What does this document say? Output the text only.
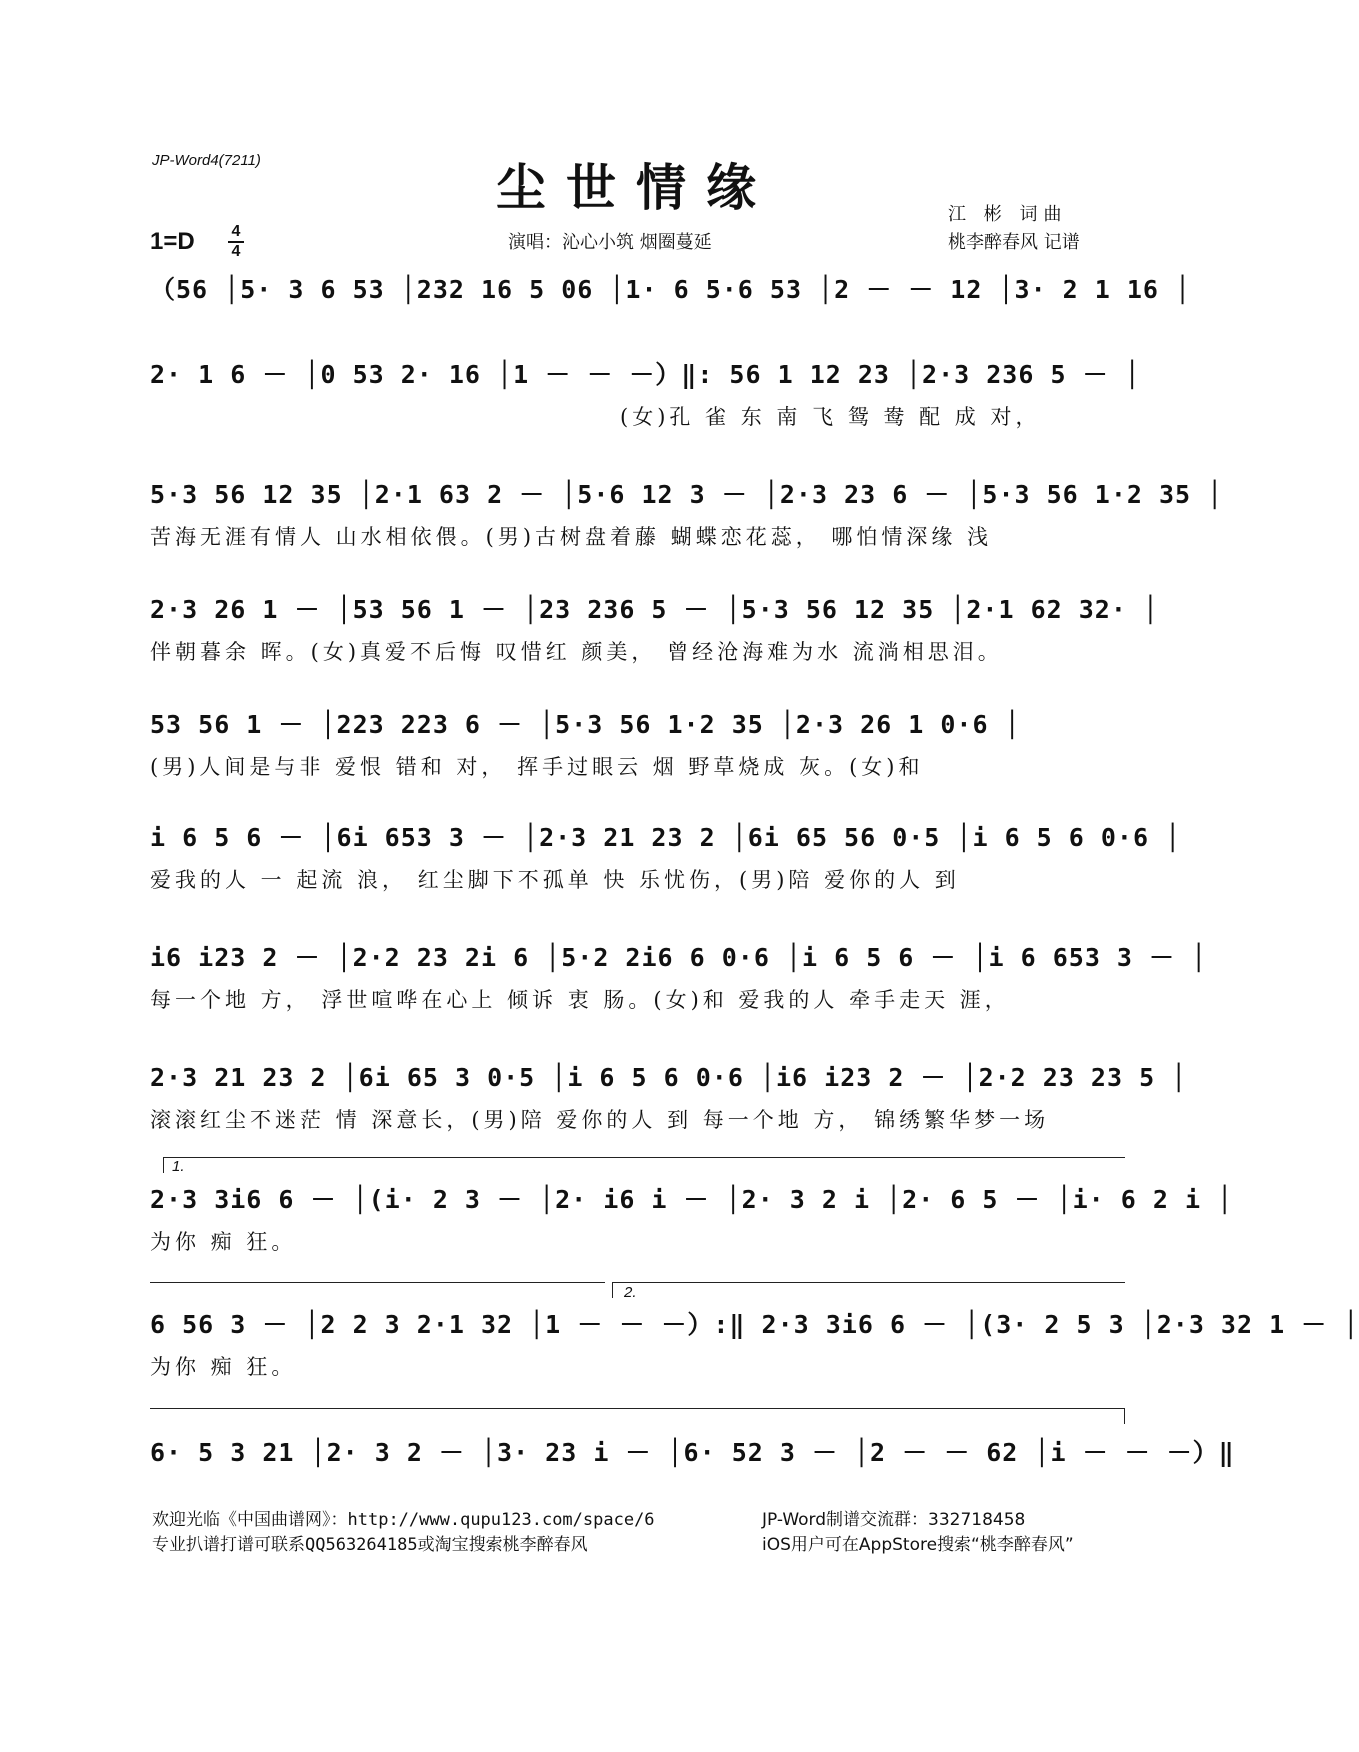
JP-Word4(7211)	尘世情缘
1=D 4
4	演唱：沁心小筑 烟圈蔓延
江 彬 词曲
桃李醉春风 记谱
（56 │5· 3 6 53 │232 16 5 06 │1· 6 5·6 53 │2 － － 12 │3· 2 1 16 │
2· 1 6 － │0 53 2· 16 │1 － － －）‖: 56 1 12 23 │2·3 236 5 － │
(女)孔 雀 东 南 飞 鸳 鸯 配 成 对，
5·3 56 12 35 │2·1 63 2 － │5·6 12 3 － │2·3 23 6 － │5·3 56 1·2 35 │
苦海无涯有情人 山水相依偎。(男)古树盘着藤 蝴蝶恋花蕊， 哪怕情深缘 浅
2·3 26 1 － │53 56 1 － │23 236 5 － │5·3 56 12 35 │2·1 62 32· │
伴朝暮余 晖。(女)真爱不后悔 叹惜红 颜美， 曾经沧海难为水 流淌相思泪。
53 56 1 － │223 223 6 － │5·3 56 1·2 35 │2·3 26 1 0·6 │
(男)人间是与非 爱恨 错和 对， 挥手过眼云 烟 野草烧成 灰。(女)和
i 6 5 6 － │6i 653 3 － │2·3 21 23 2 │6i 65 56 0·5 │i 6 5 6 0·6 │
爱我的人 一 起流 浪， 红尘脚下不孤单 快 乐忧伤，(男)陪 爱你的人 到
i6 i23 2 － │2·2 23 2i 6 │5·2 2i6 6 0·6 │i 6 5 6 － │i 6 653 3 － │
每一个地 方， 浮世喧哗在心上 倾诉 衷 肠。(女)和 爱我的人 牵手走天 涯，
2·3 21 23 2 │6i 65 3 0·5 │i 6 5 6 0·6 │i6 i23 2 － │2·2 23 23 5 │
滚滚红尘不迷茫 情 深意长，(男)陪 爱你的人 到 每一个地 方， 锦绣繁华梦一场
1.
2·3 3i6 6 － │(i· 2 3 － │2· i6 i － │2· 3 2 i │2· 6 5 － │i· 6 2 i │
为你 痴 狂。
2.
6 56 3 － │2 2 3 2·1 32 │1 － － －）:‖ 2·3 3i6 6 － │(3· 2 5 3 │2·3 32 1 － │
为你 痴 狂。
6· 5 3 21 │2· 3 2 － │3· 23 i － │6· 52 3 － │2 － － 62 │i － － －）‖
欢迎光临《中国曲谱网》：http://www.qupu123.com/space/6
专业扒谱打谱可联系QQ563264185或淘宝搜索桃李醉春风
JP-Word制谱交流群：332718458
iOS用户可在AppStore搜索“桃李醉春风”
